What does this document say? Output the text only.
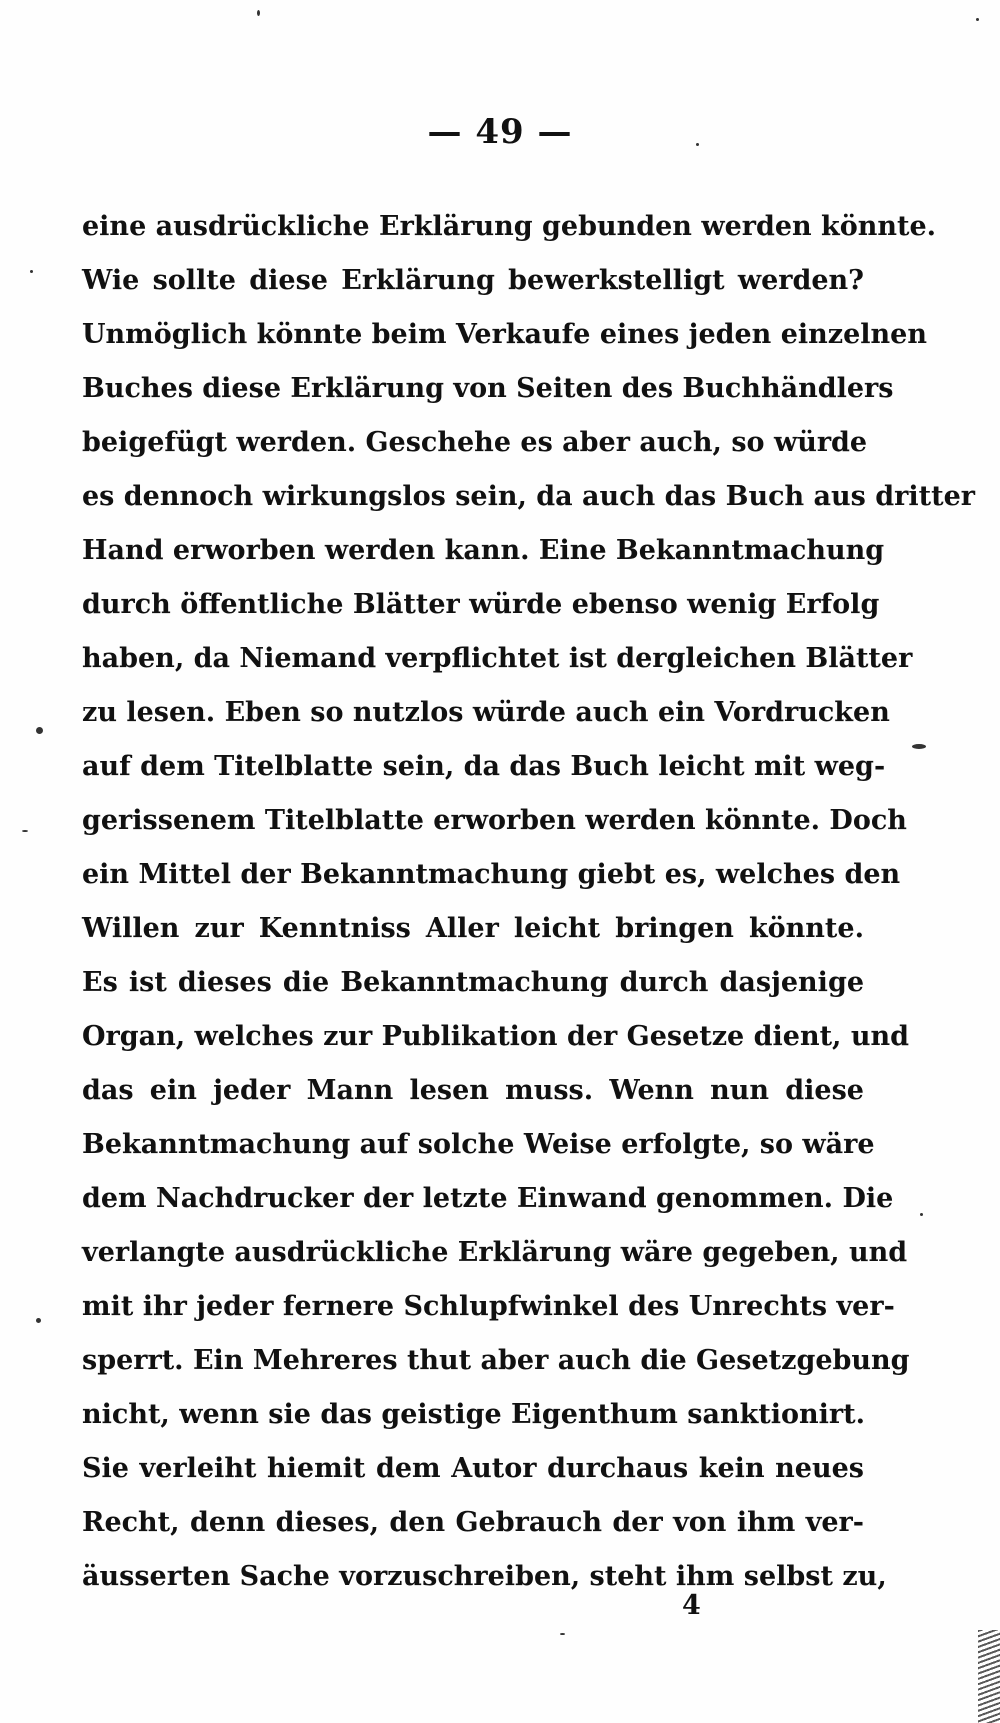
— 49 —
eine ausdrückliche Erklärung gebunden werden könnte.
Wie sollte diese Erklärung bewerkstelligt werden?
Unmöglich könnte beim Verkaufe eines jeden einzelnen
Buches diese Erklärung von Seiten des Buchhändlers
beigefügt werden. Geschehe es aber auch, so würde
es dennoch wirkungslos sein, da auch das Buch aus dritter
Hand erworben werden kann. Eine Bekanntmachung
durch öffentliche Blätter würde ebenso wenig Erfolg
haben, da Niemand verpflichtet ist dergleichen Blätter
zu lesen. Eben so nutzlos würde auch ein Vordrucken
auf dem Titelblatte sein, da das Buch leicht mit weg-
gerissenem Titelblatte erworben werden könnte. Doch
ein Mittel der Bekanntmachung giebt es, welches den
Willen zur Kenntniss Aller leicht bringen könnte.
Es ist dieses die Bekanntmachung durch dasjenige
Organ, welches zur Publikation der Gesetze dient, und
das ein jeder Mann lesen muss. Wenn nun diese
Bekanntmachung auf solche Weise erfolgte, so wäre
dem Nachdrucker der letzte Einwand genommen. Die
verlangte ausdrückliche Erklärung wäre gegeben, und
mit ihr jeder fernere Schlupfwinkel des Unrechts ver-
sperrt. Ein Mehreres thut aber auch die Gesetzgebung
nicht, wenn sie das geistige Eigenthum sanktionirt.
Sie verleiht hiemit dem Autor durchaus kein neues
Recht, denn dieses, den Gebrauch der von ihm ver-
äusserten Sache vorzuschreiben, steht ihm selbst zu,
4
